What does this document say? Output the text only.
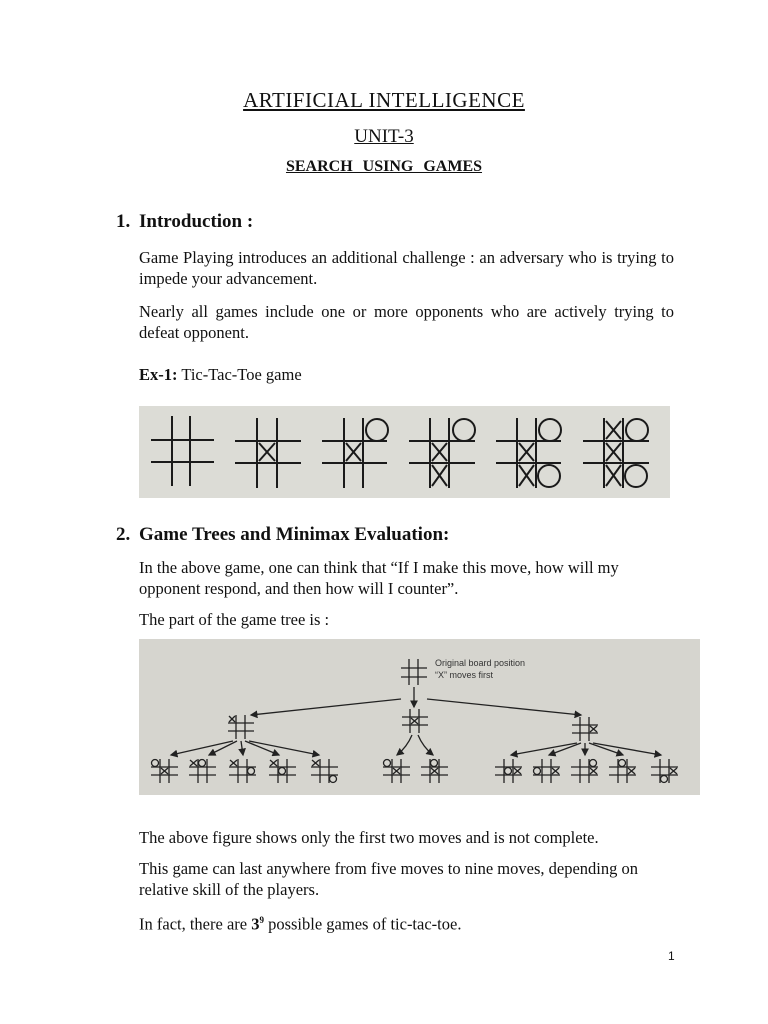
ARTIFICIAL INTELLIGENCE
UNIT-3
SEARCH USING GAMES
1. Introduction :
Game Playing introduces an additional challenge : an adversary who is trying to impede your advancement.
Nearly all games include one or more opponents who are actively trying to defeat opponent.
Ex-1: Tic-Tac-Toe game
2. Game Trees and Minimax Evaluation:
In the above game, one can think that “If I make this move, how will my opponent respond, and then how will I counter”.
The part of the game tree is :
Original board position
“X” moves first
The above figure shows only the first two moves and is not complete.
This game can last anywhere from five moves to nine moves, depending on relative skill of the players.
In fact, there are $3^9$ possible games of tic-tac-toe.
1
